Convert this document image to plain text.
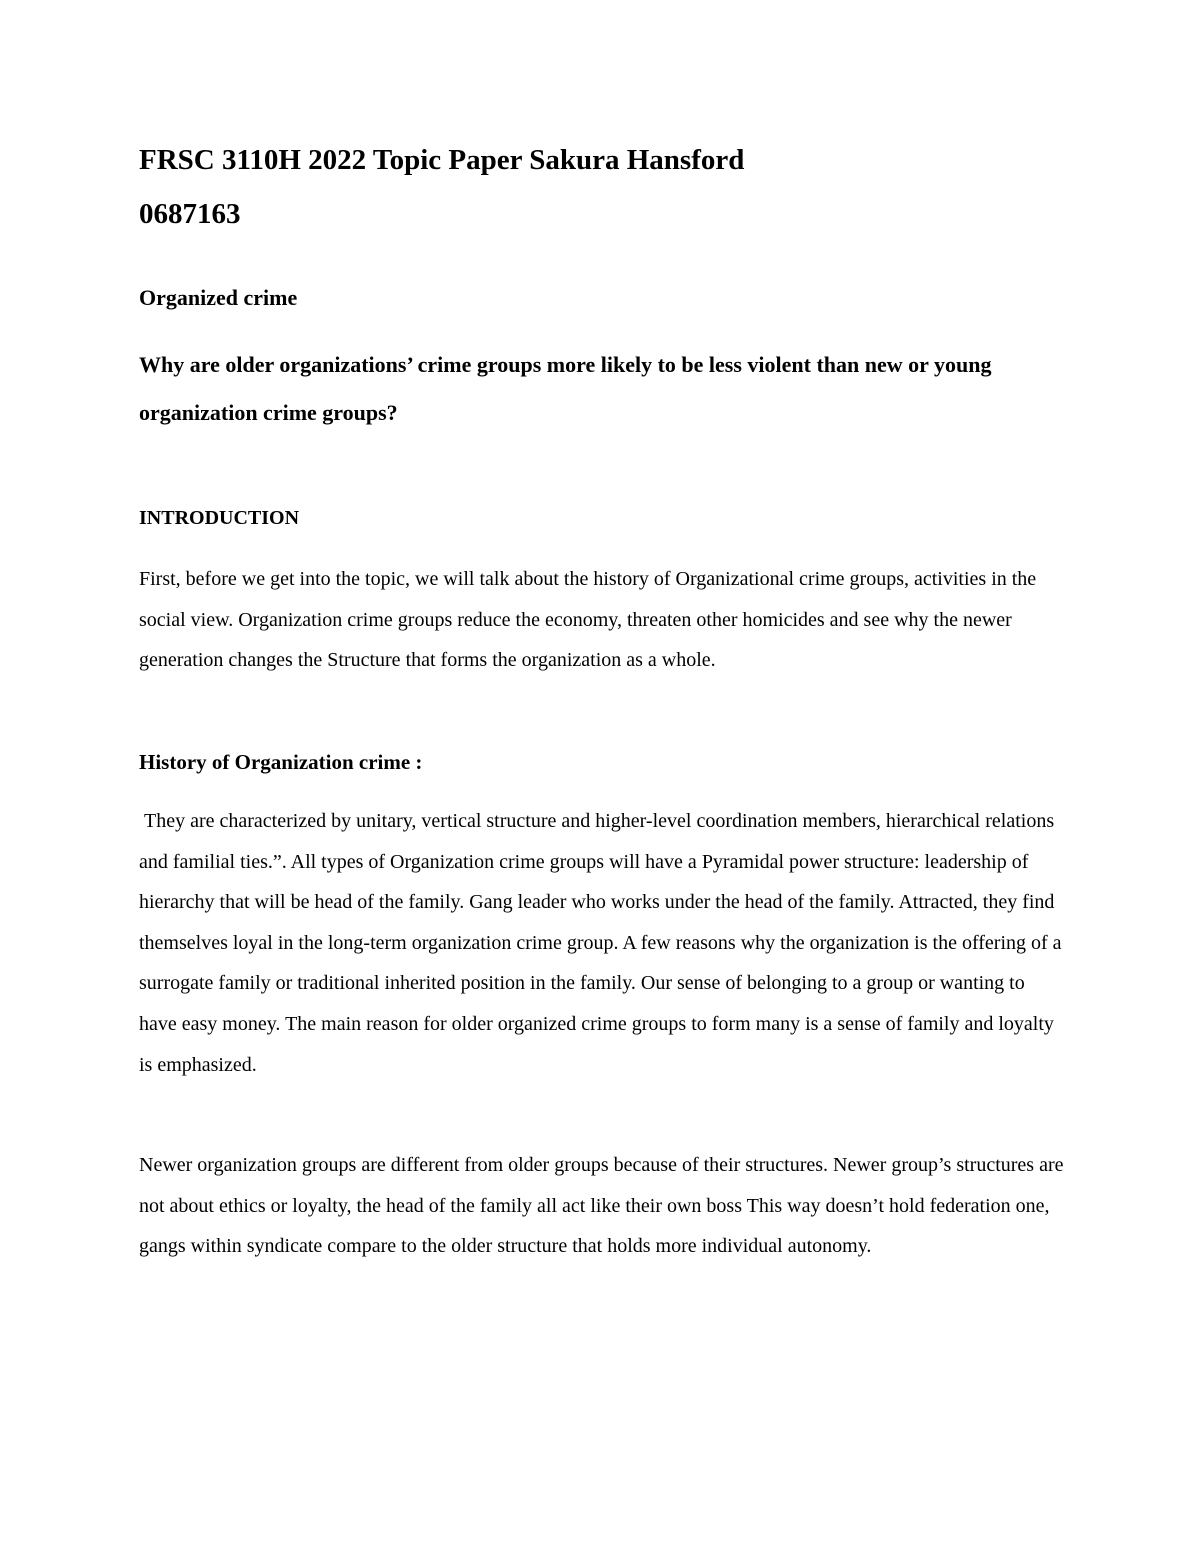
FRSC 3110H 2022 Topic Paper Sakura Hansford
0687163
Organized crime

Why are older organizations’ crime groups more likely to be less violent than new or young organization crime groups?

INTRODUCTION

First, before we get into the topic, we will talk about the history of Organizational crime groups, activities in the social view. Organization crime groups reduce the economy, threaten other homicides and see why the newer generation changes the Structure that forms the organization as a whole.

History of Organization crime :

They are characterized by unitary, vertical structure and higher-level coordination members, hierarchical relations and familial ties.”. All types of Organization crime groups will have a Pyramidal power structure: leadership of hierarchy that will be head of the family. Gang leader who works under the head of the family. Attracted, they find themselves loyal in the long-term organization crime group. A few reasons why the organization is the offering of a surrogate family or traditional inherited position in the family. Our sense of belonging to a group or wanting to have easy money. The main reason for older organized crime groups to form many is a sense of family and loyalty is emphasized.

Newer organization groups are different from older groups because of their structures. Newer group’s structures are not about ethics or loyalty, the head of the family all act like their own boss This way doesn’t hold federation one, gangs within syndicate compare to the older structure that holds more individual autonomy.
